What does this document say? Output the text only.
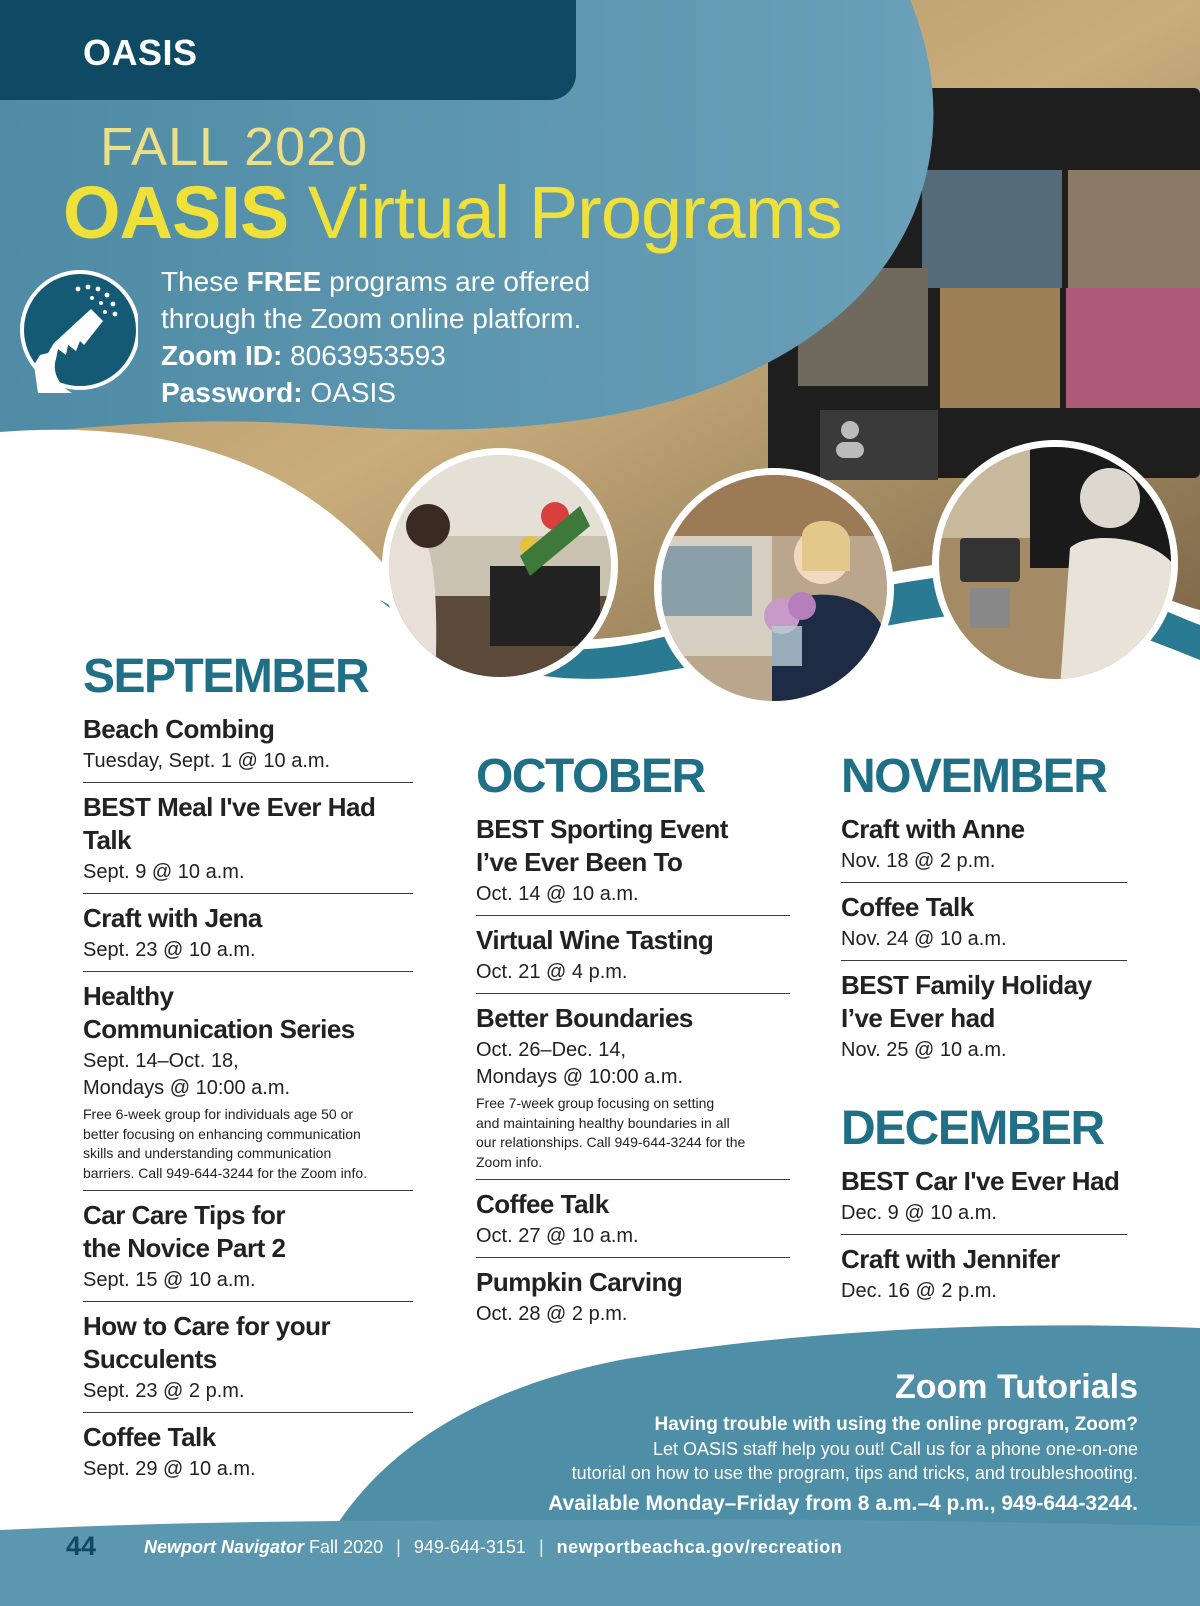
OASIS
FALL 2020
OASIS Virtual Programs
These FREE programs are offered
through the Zoom online platform.
Zoom ID: 8063953593
Password: OASIS
SEPTEMBER
Beach Combing
Tuesday, Sept. 1 @ 10 a.m.
BEST Meal I've Ever Had Talk
Sept. 9 @ 10 a.m.
Craft with Jena
Sept. 23 @ 10 a.m.
Healthy
Communication Series
Sept. 14–Oct. 18,
Mondays @ 10:00 a.m.
Free 6-week group for individuals age 50 or
better focusing on enhancing communication
skills and understanding communication
barriers. Call 949-644-3244 for the Zoom info.
Car Care Tips for
the Novice Part 2
Sept. 15 @ 10 a.m.
How to Care for your
Succulents
Sept. 23 @ 2 p.m.
Coffee Talk
Sept. 29 @ 10 a.m.
OCTOBER
BEST Sporting Event
I’ve Ever Been To
Oct. 14 @ 10 a.m.
Virtual Wine Tasting
Oct. 21 @ 4 p.m.
Better Boundaries
Oct. 26–Dec. 14,
Mondays @ 10:00 a.m.
Free 7-week group focusing on setting
and maintaining healthy boundaries in all
our relationships. Call 949-644-3244 for the
Zoom info.
Coffee Talk
Oct. 27 @ 10 a.m.
Pumpkin Carving
Oct. 28 @ 2 p.m.
NOVEMBER
Craft with Anne
Nov. 18 @ 2 p.m.
Coffee Talk
Nov. 24 @ 10 a.m.
BEST Family Holiday
I’ve Ever had
Nov. 25 @ 10 a.m.
DECEMBER
BEST Car I've Ever Had
Dec. 9 @ 10 a.m.
Craft with Jennifer
Dec. 16 @ 2 p.m.
Zoom Tutorials
Having trouble with using the online program, Zoom?
Let OASIS staff help you out! Call us for a phone one-on-one
tutorial on how to use the program, tips and tricks, and troubleshooting.
Available Monday–Friday from 8 a.m.–4 p.m., 949-644-3244.
44	Newport Navigator Fall 2020 | 949-644-3151 | newportbeachca.gov/recreation
